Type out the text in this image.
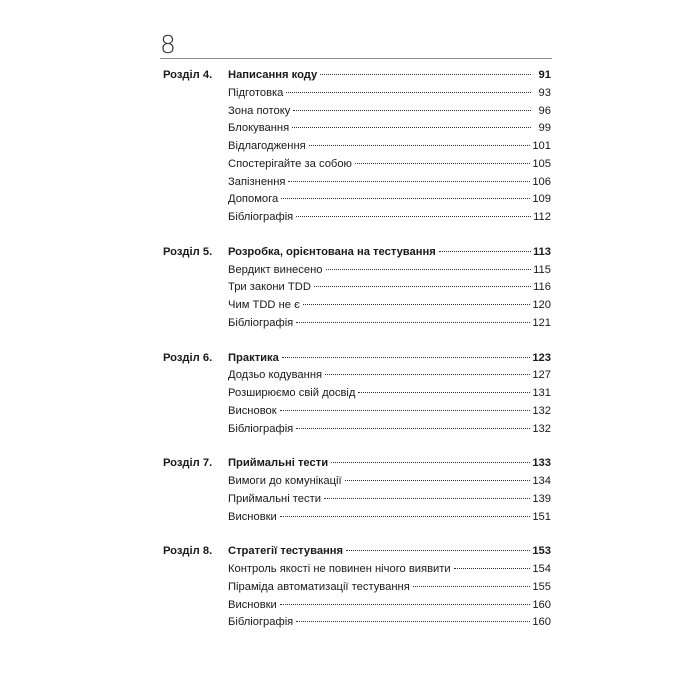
8
Розділ 4.	Написання коду	91
Підготовка	93
Зона потоку	96
Блокування	99
Відлагодження	101
Спостерігайте за собою	105
Запізнення	106
Допомога	109
Бібліографія	112
Розділ 5.	Розробка, орієнтована на тестування	113
Вердикт винесено	115
Три закони TDD	116
Чим TDD не є	120
Бібліографія	121
Розділ 6.	Практика	123
Додзьо кодування	127
Розширюємо свій досвід	131
Висновок	132
Бібліографія	132
Розділ 7.	Приймальні тести	133
Вимоги до комунікації	134
Приймальні тести	139
Висновки	151
Розділ 8.	Стратегії тестування	153
Контроль якості не повинен нічого виявити	154
Піраміда автоматизації тестування	155
Висновки	160
Бібліографія	160
